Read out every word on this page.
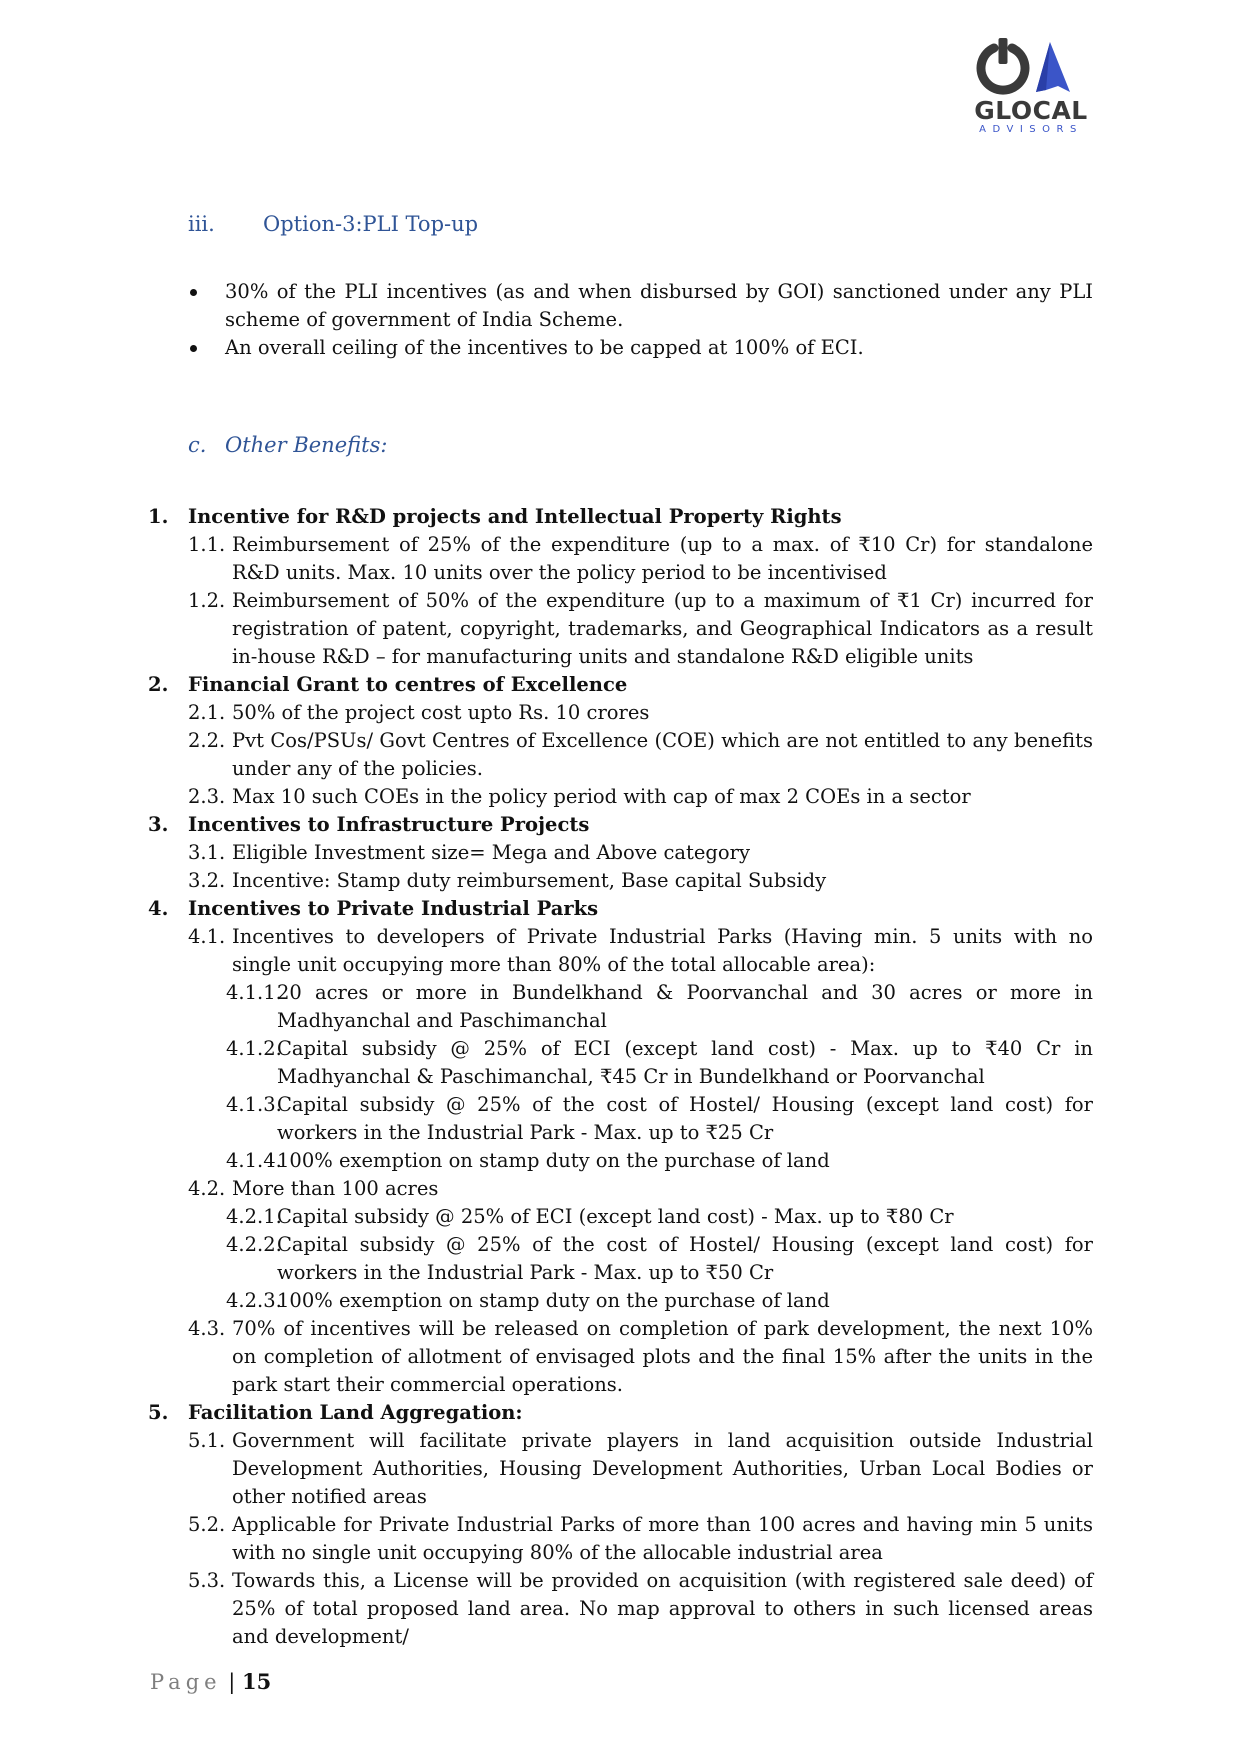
GLOCAL
ADVISORS
iii. Option-3:PLI Top-up
30% of the PLI incentives (as and when disbursed by GOI) sanctioned under any PLI scheme of government of India Scheme.
An overall ceiling of the incentives to be capped at 100% of ECI.
c. Other Benefits:
1. Incentive for R&D projects and Intellectual Property Rights
1.1. Reimbursement of 25% of the expenditure (up to a max. of ₹10 Cr) for standalone R&D units. Max. 10 units over the policy period to be incentivised
1.2. Reimbursement of 50% of the expenditure (up to a maximum of ₹1 Cr) incurred for registration of patent, copyright, trademarks, and Geographical Indicators as a result in-house R&D – for manufacturing units and standalone R&D eligible units
2. Financial Grant to centres of Excellence
2.1. 50% of the project cost upto Rs. 10 crores
2.2. Pvt Cos/PSUs/ Govt Centres of Excellence (COE) which are not entitled to any benefits under any of the policies.
2.3. Max 10 such COEs in the policy period with cap of max 2 COEs in a sector
3. Incentives to Infrastructure Projects
3.1. Eligible Investment size= Mega and Above category
3.2. Incentive: Stamp duty reimbursement, Base capital Subsidy
4. Incentives to Private Industrial Parks
4.1. Incentives to developers of Private Industrial Parks (Having min. 5 units with no single unit occupying more than 80% of the total allocable area):
4.1.1.
20 acres or more in Bundelkhand & Poorvanchal and 30 acres or more in Madhyanchal and Paschimanchal
4.1.2.
Capital subsidy @ 25% of ECI (except land cost) - Max. up to ₹40 Cr in Madhyanchal & Paschimanchal, ₹45 Cr in Bundelkhand or Poorvanchal
4.1.3.
Capital subsidy @ 25% of the cost of Hostel/ Housing (except land cost) for workers in the Industrial Park - Max. up to ₹25 Cr
4.1.4.
100% exemption on stamp duty on the purchase of land
4.2. More than 100 acres
4.2.1.
Capital subsidy @ 25% of ECI (except land cost) - Max. up to ₹80 Cr
4.2.2.
Capital subsidy @ 25% of the cost of Hostel/ Housing (except land cost) for workers in the Industrial Park - Max. up to ₹50 Cr
4.2.3.
100% exemption on stamp duty on the purchase of land
4.3. 70% of incentives will be released on completion of park development, the next 10% on completion of allotment of envisaged plots and the final 15% after the units in the park start their commercial operations.
5. Facilitation Land Aggregation:
5.1. Government will facilitate private players in land acquisition outside Industrial Development Authorities, Housing Development Authorities, Urban Local Bodies or other notified areas
5.2. Applicable for Private Industrial Parks of more than 100 acres and having min 5 units with no single unit occupying 80% of the allocable industrial area
5.3. Towards this, a License will be provided on acquisition (with registered sale deed) of 25% of total proposed land area. No map approval to others in such licensed areas and development/
Page | 15
